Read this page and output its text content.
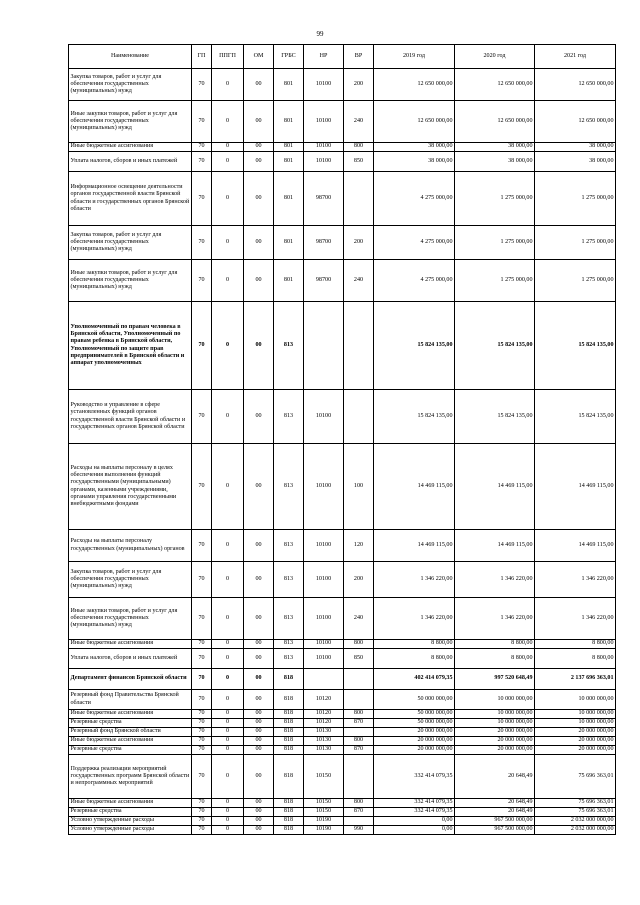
99
Наименование	ГП	ППГП	ОМ	ГРБС	НР	ВР	2019 год	2020 год	2021 год
Закупка товаров, работ и услуг для обеспечения государственных (муниципальных) нужд	70	0	00	801	10100	200	12 650 000,00	12 650 000,00	12 650 000,00
Иные закупки товаров, работ и услуг для обеспечения государственных (муниципальных) нужд	70	0	00	801	10100	240	12 650 000,00	12 650 000,00	12 650 000,00
Иные бюджетные ассигнования	70	0	00	801	10100	800	38 000,00	38 000,00	38 000,00
Уплата налогов, сборов и иных платежей	70	0	00	801	10100	850	38 000,00	38 000,00	38 000,00
Информационное освещение деятельности органов государственной власти Брянской области и государственных органов Брянской области	70	0	00	801	98700		4 275 000,00	1 275 000,00	1 275 000,00
Закупка товаров, работ и услуг для обеспечения государственных (муниципальных) нужд	70	0	00	801	98700	200	4 275 000,00	1 275 000,00	1 275 000,00
Иные закупки товаров, работ и услуг для обеспечения государственных (муниципальных) нужд	70	0	00	801	98700	240	4 275 000,00	1 275 000,00	1 275 000,00
Уполномоченный по правам человека в Брянской области, Уполномоченный по правам ребенка в Брянской области, Уполномоченный по защите прав предпринимателей в Брянской области и аппарат уполномоченных	70	0	00	813			15 824 135,00	15 824 135,00	15 824 135,00
Руководство и управление в сфере установленных функций органов государственной власти Брянской области и государственных органов Брянской области	70	0	00	813	10100		15 824 135,00	15 824 135,00	15 824 135,00
Расходы на выплаты персоналу в целях обеспечения выполнения функций государственными (муниципальными) органами, казенными учреждениями, органами управления государственными внебюджетными фондами	70	0	00	813	10100	100	14 469 115,00	14 469 115,00	14 469 115,00
Расходы на выплаты персоналу государственных (муниципальных) органов	70	0	00	813	10100	120	14 469 115,00	14 469 115,00	14 469 115,00
Закупка товаров, работ и услуг для обеспечения государственных (муниципальных) нужд	70	0	00	813	10100	200	1 346 220,00	1 346 220,00	1 346 220,00
Иные закупки товаров, работ и услуг для обеспечения государственных (муниципальных) нужд	70	0	00	813	10100	240	1 346 220,00	1 346 220,00	1 346 220,00
Иные бюджетные ассигнования	70	0	00	813	10100	800	8 800,00	8 800,00	8 800,00
Уплата налогов, сборов и иных платежей	70	0	00	813	10100	850	8 800,00	8 800,00	8 800,00
Департамент финансов Брянской области	70	0	00	818			402 414 079,35	997 520 648,49	2 137 696 363,01
Резервный фонд Правительства Брянской области	70	0	00	818	10120		50 000 000,00	10 000 000,00	10 000 000,00
Иные бюджетные ассигнования	70	0	00	818	10120	800	50 000 000,00	10 000 000,00	10 000 000,00
Резервные средства	70	0	00	818	10120	870	50 000 000,00	10 000 000,00	10 000 000,00
Резервный фонд Брянской области	70	0	00	818	10130		20 000 000,00	20 000 000,00	20 000 000,00
Иные бюджетные ассигнования	70	0	00	818	10130	800	20 000 000,00	20 000 000,00	20 000 000,00
Резервные средства	70	0	00	818	10130	870	20 000 000,00	20 000 000,00	20 000 000,00
Поддержка реализации мероприятий государственных программ Брянской области и непрограммных мероприятий	70	0	00	818	10150		332 414 079,35	20 648,49	75 696 363,01
Иные бюджетные ассигнования	70	0	00	818	10150	800	332 414 079,35	20 648,49	75 696 363,01
Резервные средства	70	0	00	818	10150	870	332 414 079,35	20 648,49	75 696 363,01
Условно утвержденные расходы	70	0	00	818	10190		0,00	967 500 000,00	2 032 000 000,00
Условно утвержденные расходы	70	0	00	818	10190	990	0,00	967 500 000,00	2 032 000 000,00
